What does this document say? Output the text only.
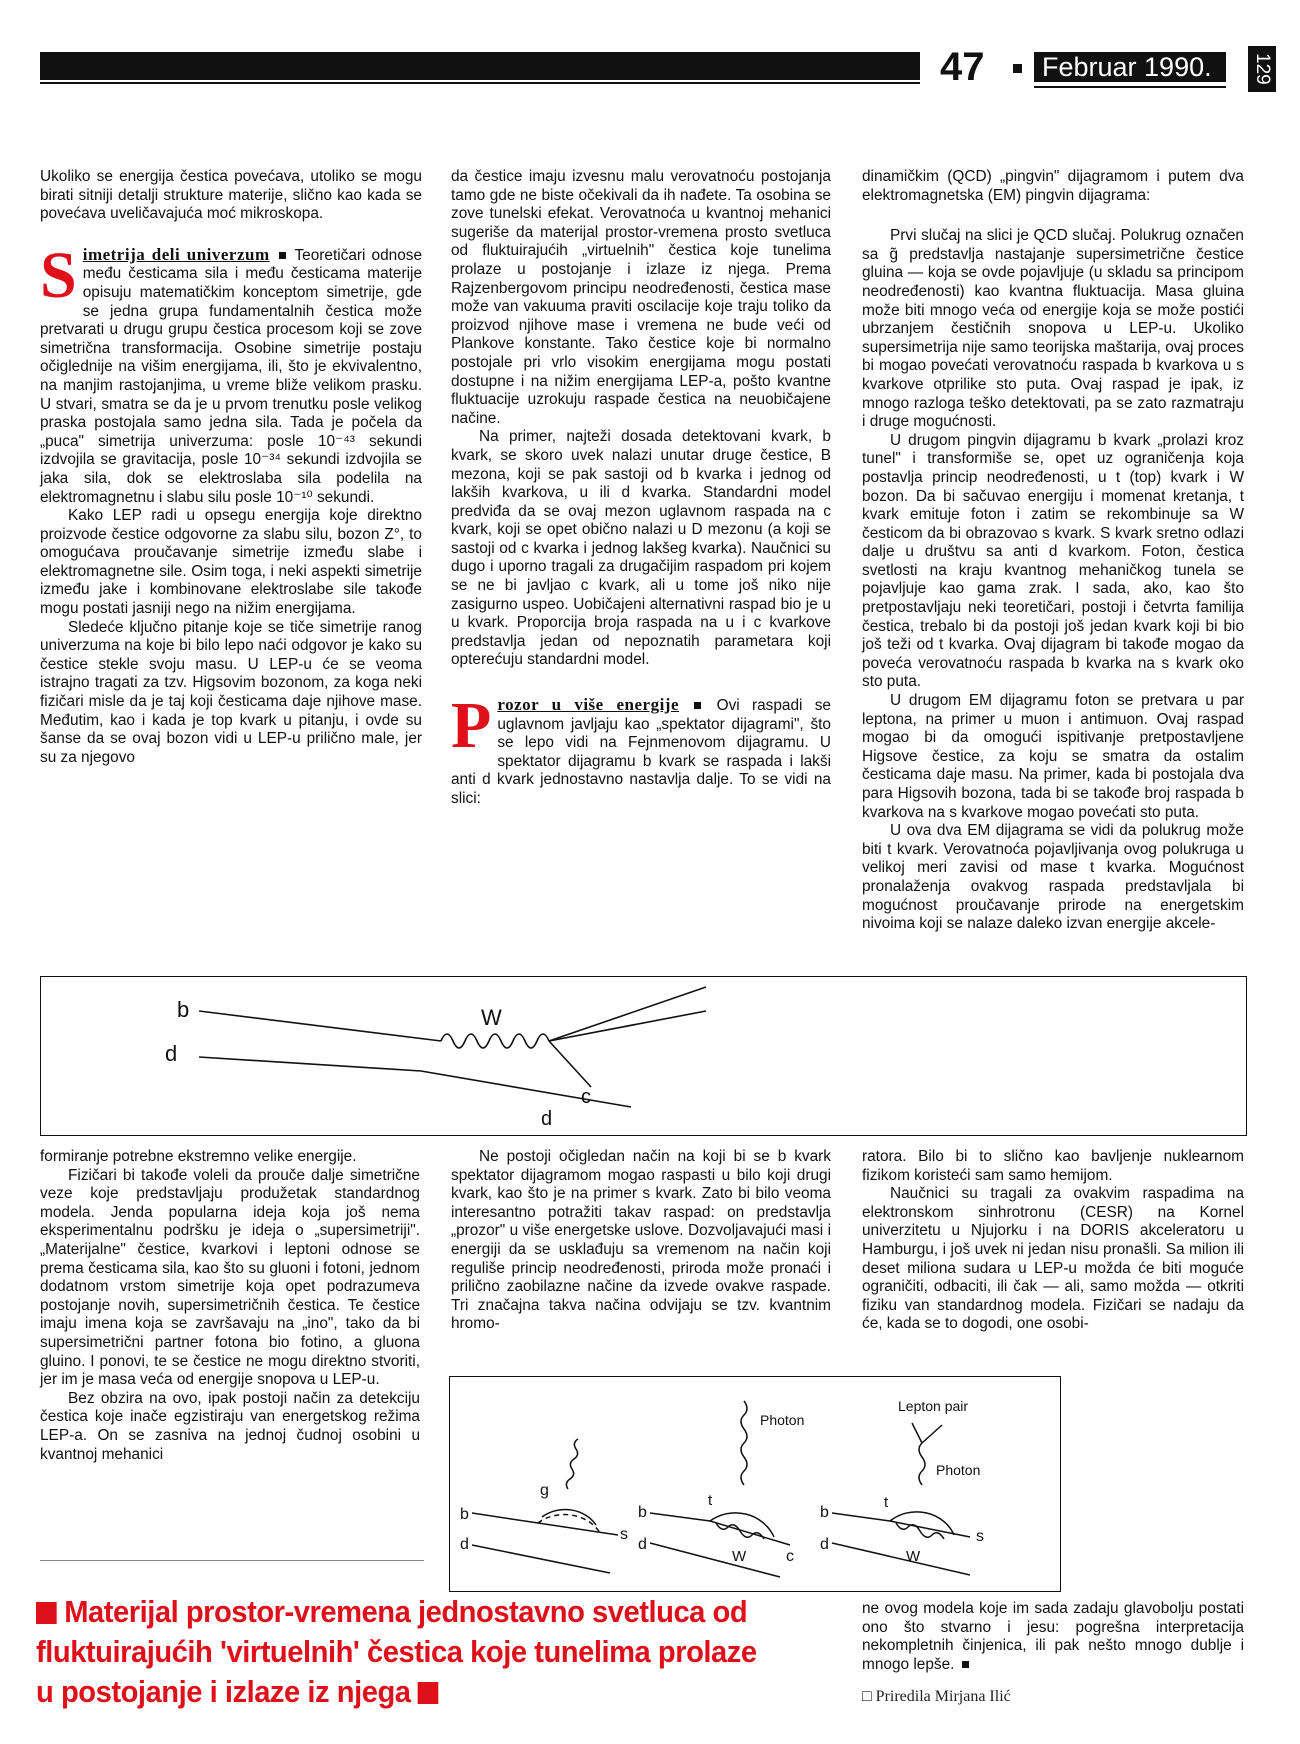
47 Februar 1990.	129

Ukoliko se energija čestica povećava, utoliko se mogu birati sitniji detalji strukture materije, slično kao kada se povećava uveličavajuća moć mikroskopa.

S imetrija deli univerzum Teoretičari odnose među česticama sila i među česticama materije opisuju matematičkim konceptom simetrije, gde se jedna grupa fundamentalnih čestica može pretvarati u drugu grupu čestica procesom koji se zove simetrična transformacija. Osobine simetrije postaju očiglednije na višim energijama, ili, što je ekvivalentno, na manjim rastojanjima, u vreme bliže velikom prasku. U stvari, smatra se da je u prvom trenutku posle velikog praska postojala samo jedna sila. Tada je počela da „puca" simetrija univerzuma: posle 10⁻⁴³ sekundi izdvojila se gravitacija, posle 10⁻³⁴ sekundi izdvojila se jaka sila, dok se elektroslaba sila podelila na elektromagnetnu i slabu silu posle 10⁻¹⁰ sekundi.

Kako LEP radi u opsegu energija koje direktno proizvode čestice odgovorne za slabu silu, bozon Z°, to omogućava proučavanje simetrije između slabe i elektromagnetne sile. Osim toga, i neki aspekti simetrije između jake i kombinovane elektroslabe sile takođe mogu postati jasniji nego na nižim energijama.

Sledeće ključno pitanje koje se tiče simetrije ranog univerzuma na koje bi bilo lepo naći odgovor je kako su čestice stekle svoju masu. U LEP-u će se veoma istrajno tragati za tzv. Higsovim bozonom, za koga neki fizičari misle da je taj koji česticama daje njihove mase. Međutim, kao i kada je top kvark u pitanju, i ovde su šanse da se ovaj bozon vidi u LEP-u prilično male, jer su za njegovo

da čestice imaju izvesnu malu verovatnoću postojanja tamo gde ne biste očekivali da ih nađete. Ta osobina se zove tunelski efekat. Verovatnoća u kvantnoj mehanici sugeriše da materijal prostor-vremena prosto svetluca od fluktuirajućih „virtuelnih" čestica koje tunelima prolaze u postojanje i izlaze iz njega. Prema Rajzenbergovom principu neodređenosti, čestica mase može van vakuuma praviti oscilacije koje traju toliko da proizvod njihove mase i vremena ne bude veći od Plankove konstante. Tako čestice koje bi normalno postojale pri vrlo visokim energijama mogu postati dostupne i na nižim energijama LEP-a, pošto kvantne fluktuacije uzrokuju raspade čestica na neuobičajene načine.

Na primer, najteži dosada detektovani kvark, b kvark, se skoro uvek nalazi unutar druge čestice, B mezona, koji se pak sastoji od b kvarka i jednog od lakših kvarkova, u ili d kvarka. Standardni model predviđa da se ovaj mezon uglavnom raspada na c kvark, koji se opet obično nalazi u D mezonu (a koji se sastoji od c kvarka i jednog lakšeg kvarka). Naučnici su dugo i uporno tragali za drugačijim raspadom pri kojem se ne bi javljao c kvark, ali u tome još niko nije zasigurno uspeo. Uobičajeni alternativni raspad bio je u u kvark. Proporcija broja raspada na u i c kvarkove predstavlja jedan od nepoznatih parametara koji opterećuju standardni model.

P rozor u više energije Ovi raspadi se uglavnom javljaju kao „spektator dijagrami", što se lepo vidi na Fejnmenovom dijagramu. U spektator dijagramu b kvark se raspada i lakši anti d kvark jednostavno nastavlja dalje. To se vidi na slici:

dinamičkim (QCD) „pingvin" dijagramom i putem dva elektromagnetska (EM) pingvin dijagrama:

Prvi slučaj na slici je QCD slučaj. Polukrug označen sa g̃ predstavlja nastajanje supersimetrične čestice gluina — koja se ovde pojavljuje (u skladu sa principom neodređenosti) kao kvantna fluktuacija. Masa gluina može biti mnogo veća od energije koja se može postići ubrzanjem čestičnih snopova u LEP-u. Ukoliko supersimetrija nije samo teorijska maštarija, ovaj proces bi mogao povećati verovatnoću raspada b kvarkova u s kvarkove otprilike sto puta. Ovaj raspad je ipak, iz mnogo razloga teško detektovati, pa se zato razmatraju i druge mogućnosti.

U drugom pingvin dijagramu b kvark „prolazi kroz tunel" i transformiše se, opet uz ograničenja koja postavlja princip neodređenosti, u t (top) kvark i W bozon. Da bi sačuvao energiju i momenat kretanja, t kvark emituje foton i zatim se rekombinuje sa W česticom da bi obrazovao s kvark. S kvark sretno odlazi dalje u društvu sa anti d kvarkom. Foton, čestica svetlosti na kraju kvantnog mehaničkog tunela se pojavljuje kao gama zrak. I sada, ako, kao što pretpostavljaju neki teoretičari, postoji i četvrta familija čestica, trebalo bi da postoji još jedan kvark koji bi bio još teži od t kvarka. Ovaj dijagram bi takođe mogao da poveća verovatnoću raspada b kvarka na s kvark oko sto puta.

U drugom EM dijagramu foton se pretvara u par leptona, na primer u muon i antimuon. Ovaj raspad mogao bi da omogući ispitivanje pretpostavljene Higsove čestice, za koju se smatra da ostalim česticama daje masu. Na primer, kada bi postojala dva para Higsovih bozona, tada bi se takođe broj raspada b kvarkova na s kvarkove mogao povećati sto puta.

U ova dva EM dijagrama se vidi da polukrug može biti t kvark. Verovatnoća pojavljivanja ovog polukruga u velikoj meri zavisi od mase t kvarka. Mogućnost pronalaženja ovakvog raspada predstavljala bi mogućnost proučavanje prirode na energetskim nivoima koji se nalaze daleko izvan energije akcele-

b
d
W
c
d

formiranje potrebne ekstremno velike energije.

Fizičari bi takođe voleli da prouče dalje simetrične veze koje predstavljaju produžetak standardnog modela. Jenda popularna ideja koja još nema eksperimentalnu podršku je ideja o „supersimetriji". „Materijalne" čestice, kvarkovi i leptoni odnose se prema česticama sila, kao što su gluoni i fotoni, jednom dodatnom vrstom simetrije koja opet podrazumeva postojanje novih, supersimetričnih čestica. Te čestice imaju imena koja se završavaju na „ino", tako da bi supersimetrični partner fotona bio fotino, a gluona gluino. I ponovi, te se čestice ne mogu direktno stvoriti, jer im je masa veća od energije snopova u LEP-u.

Bez obzira na ovo, ipak postoji način za detekciju čestica koje inače egzistiraju van energetskog režima LEP-a. On se zasniva na jednoj čudnoj osobini u kvantnoj mehanici

Ne postoji očigledan način na koji bi se b kvark spektator dijagramom mogao raspasti u bilo koji drugi kvark, kao što je na primer s kvark. Zato bi bilo veoma interesantno potražiti takav raspad: on predstavlja „prozor" u više energetske uslove. Dozvoljavajući masi i energiji da se usklađuju sa vremenom na način koji reguliše princip neodređenosti, priroda može pronaći i prilično zaobilazne načine da izvede ovakve raspade. Tri značajna takva načina odvijaju se tzv. kvantnim hromo-

ratora. Bilo bi to slično kao bavljenje nuklearnom fizikom koristeći sam samo hemijom.

Naučnici su tragali za ovakvim raspadima na elektronskom sinhrotronu (CESR) na Kornel univerzitetu u Njujorku i na DORIS akceleratoru u Hamburgu, i još uvek ni jedan nisu pronašli. Sa milion ili deset miliona sudara u LEP-u možda će biti moguće ograničiti, odbaciti, ili čak — ali, samo možda — otkriti fiziku van standardnog modela. Fizičari se nadaju da će, kada se to dogodi, one osobi-

b
d
g
s
b
d
t
W
Photon
c
b
d
t
W
Photon
Lepton pair
s
Materijal prostor-vremena jednostavno svetluca od fluktuirajućih 'virtuelnih' čestica koje tunelima prolaze u postojanje i izlaze iz njega

ne ovog modela koje im sada zadaju glavobolju postati ono što stvarno i jesu: pogrešna interpretacija nekompletnih činjenica, ili pak nešto mnogo dublje i mnogo lepše.

□ Priredila Mirjana Ilić
